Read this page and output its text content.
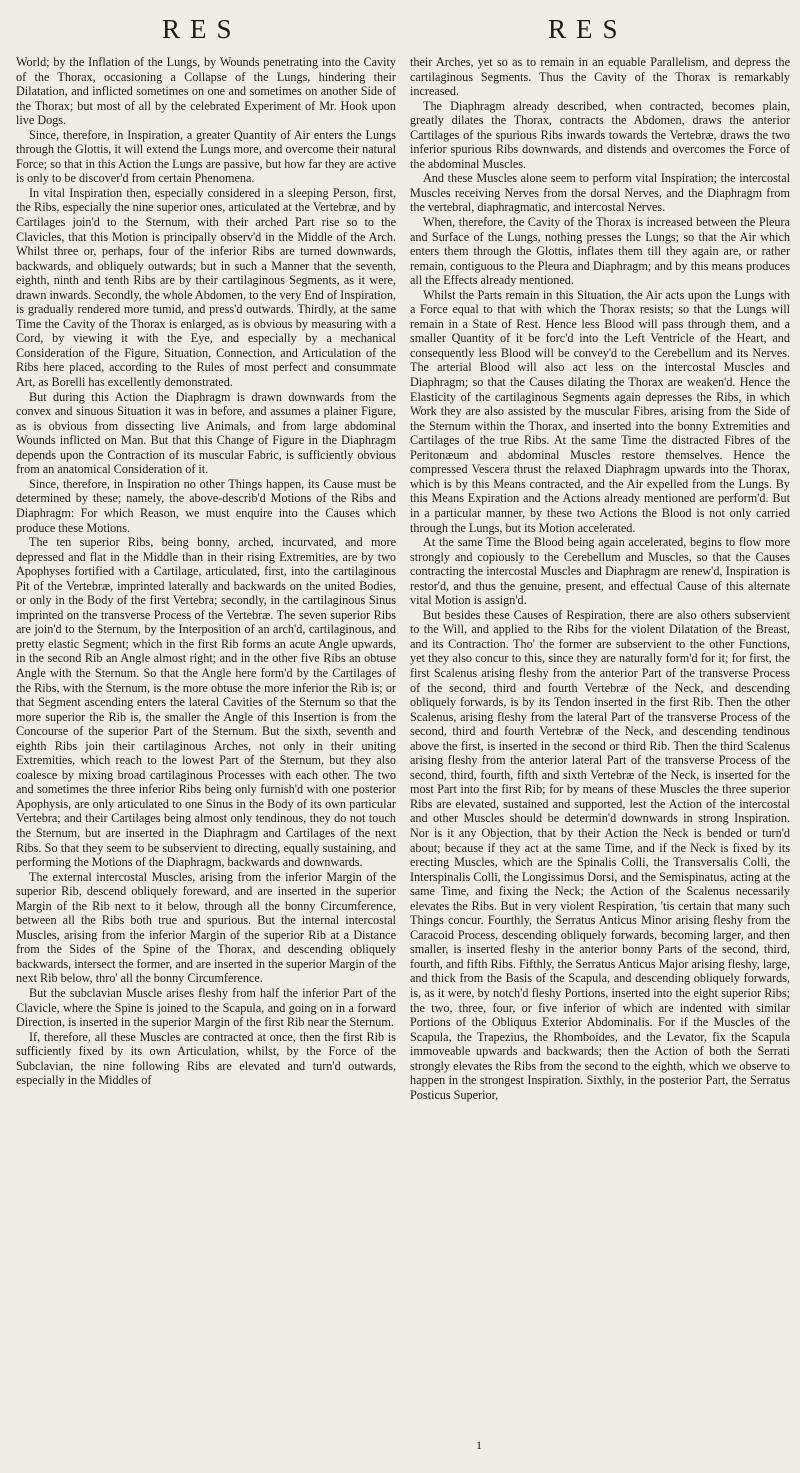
RES	RES

World; by the Inflation of the Lungs, by Wounds penetrating into the Cavity of the Thorax, occasioning a Collapse of the Lungs, hindering their Dilatation, and inflicted sometimes on one and sometimes on another Side of the Thorax; but most of all by the celebrated Experiment of Mr. Hook upon live Dogs.

Since, therefore, in Inspiration, a greater Quantity of Air enters the Lungs through the Glottis, it will extend the Lungs more, and overcome their natural Force; so that in this Action the Lungs are passive, but how far they are active is only to be discover'd from certain Phenomena.

In vital Inspiration then, especially considered in a sleeping Person, first, the Ribs, especially the nine superior ones, articulated at the Vertebræ, and by Cartilages join'd to the Sternum, with their arched Part rise so to the Clavicles, that this Motion is principally observ'd in the Middle of the Arch. Whilst three or, perhaps, four of the inferior Ribs are turned downwards, backwards, and obliquely outwards; but in such a Manner that the seventh, eighth, ninth and tenth Ribs are by their cartilaginous Segments, as it were, drawn inwards. Secondly, the whole Abdomen, to the very End of Inspiration, is gradually rendered more tumid, and press'd outwards. Thirdly, at the same Time the Cavity of the Thorax is enlarged, as is obvious by measuring with a Cord, by viewing it with the Eye, and especially by a mechanical Consideration of the Figure, Situation, Connection, and Articulation of the Ribs here placed, according to the Rules of most perfect and consummate Art, as Borelli has excellently demonstrated.

But during this Action the Diaphragm is drawn downwards from the convex and sinuous Situation it was in before, and assumes a plainer Figure, as is obvious from dissecting live Animals, and from large abdominal Wounds inflicted on Man. But that this Change of Figure in the Diaphragm depends upon the Contraction of its muscular Fabric, is sufficiently obvious from an anatomical Consideration of it.

Since, therefore, in Inspiration no other Things happen, its Cause must be determined by these; namely, the above-describ'd Motions of the Ribs and Diaphragm: For which Reason, we must enquire into the Causes which produce these Motions.

The ten superior Ribs, being bonny, arched, incurvated, and more depressed and flat in the Middle than in their rising Extremities, are by two Apophyses fortified with a Cartilage, articulated, first, into the cartilaginous Pit of the Vertebræ, imprinted laterally and backwards on the united Bodies, or only in the Body of the first Vertebra; secondly, in the cartilaginous Sinus imprinted on the transverse Process of the Vertebræ. The seven superior Ribs are join'd to the Sternum, by the Interposition of an arch'd, cartilaginous, and pretty elastic Segment; which in the first Rib forms an acute Angle upwards, in the second Rib an Angle almost right; and in the other five Ribs an obtuse Angle with the Sternum. So that the Angle here form'd by the Cartilages of the Ribs, with the Sternum, is the more obtuse the more inferior the Rib is; or that Segment ascending enters the lateral Cavities of the Sternum so that the more superior the Rib is, the smaller the Angle of this Insertion is from the Concourse of the superior Part of the Sternum. But the sixth, seventh and eighth Ribs join their cartilaginous Arches, not only in their uniting Extremities, which reach to the lowest Part of the Sternum, but they also coalesce by mixing broad cartilaginous Processes with each other. The two and sometimes the three inferior Ribs being only furnish'd with one posterior Apophysis, are only articulated to one Sinus in the Body of its own particular Vertebra; and their Cartilages being almost only tendinous, they do not touch the Sternum, but are inserted in the Diaphragm and Cartilages of the next Ribs. So that they seem to be subservient to directing, equally sustaining, and performing the Motions of the Diaphragm, backwards and downwards.

The external intercostal Muscles, arising from the inferior Margin of the superior Rib, descend obliquely foreward, and are inserted in the superior Margin of the Rib next to it below, through all the bonny Circumference, between all the Ribs both true and spurious. But the internal intercostal Muscles, arising from the inferior Margin of the superior Rib at a Distance from the Sides of the Spine of the Thorax, and descending obliquely backwards, intersect the former, and are inserted in the superior Margin of the next Rib below, thro' all the bonny Circumference.

But the subclavian Muscle arises fleshy from half the inferior Part of the Clavicle, where the Spine is joined to the Scapula, and going on in a forward Direction, is inserted in the superior Margin of the first Rib near the Sternum.

If, therefore, all these Muscles are contracted at once, then the first Rib is sufficiently fixed by its own Articulation, whilst, by the Force of the Subclavian, the nine following Ribs are elevated and turn'd outwards, especially in the Middles of

their Arches, yet so as to remain in an equable Parallelism, and depress the cartilaginous Segments. Thus the Cavity of the Thorax is remarkably increased.

The Diaphragm already described, when contracted, becomes plain, greatly dilates the Thorax, contracts the Abdomen, draws the anterior Cartilages of the spurious Ribs inwards towards the Vertebræ, draws the two inferior spurious Ribs downwards, and distends and overcomes the Force of the abdominal Muscles.

And these Muscles alone seem to perform vital Inspiration; the intercostal Muscles receiving Nerves from the dorsal Nerves, and the Diaphragm from the vertebral, diaphragmatic, and intercostal Nerves.

When, therefore, the Cavity of the Thorax is increased between the Pleura and Surface of the Lungs, nothing presses the Lungs; so that the Air which enters them through the Glottis, inflates them till they again are, or rather remain, contiguous to the Pleura and Diaphragm; and by this means produces all the Effects already mentioned.

Whilst the Parts remain in this Situation, the Air acts upon the Lungs with a Force equal to that with which the Thorax resists; so that the Lungs will remain in a State of Rest. Hence less Blood will pass through them, and a smaller Quantity of it be forc'd into the Left Ventricle of the Heart, and consequently less Blood will be convey'd to the Cerebellum and its Nerves. The arterial Blood will also act less on the intercostal Muscles and Diaphragm; so that the Causes dilating the Thorax are weaken'd. Hence the Elasticity of the cartilaginous Segments again depresses the Ribs, in which Work they are also assisted by the muscular Fibres, arising from the Side of the Sternum within the Thorax, and inserted into the bonny Extremities and Cartilages of the true Ribs. At the same Time the distracted Fibres of the Peritonæum and abdominal Muscles restore themselves. Hence the compressed Vescera thrust the relaxed Diaphragm upwards into the Thorax, which is by this Means contracted, and the Air expelled from the Lungs. By this Means Expiration and the Actions already mentioned are perform'd. But in a particular manner, by these two Actions the Blood is not only carried through the Lungs, but its Motion accelerated.

At the same Time the Blood being again accelerated, begins to flow more strongly and copiously to the Cerebellum and Muscles, so that the Causes contracting the intercostal Muscles and Diaphragm are renew'd, Inspiration is restor'd, and thus the genuine, present, and effectual Cause of this alternate vital Motion is assign'd.

But besides these Causes of Respiration, there are also others subservient to the Will, and applied to the Ribs for the violent Dilatation of the Breast, and its Contraction. Tho' the former are subservient to the other Functions, yet they also concur to this, since they are naturally form'd for it; for first, the first Scalenus arising fleshy from the anterior Part of the transverse Process of the second, third and fourth Vertebræ of the Neck, and descending obliquely forwards, is by its Tendon inserted in the first Rib. Then the other Scalenus, arising fleshy from the lateral Part of the transverse Process of the second, third and fourth Vertebræ of the Neck, and descending tendinous above the first, is inserted in the second or third Rib. Then the third Scalenus arising fleshy from the anterior lateral Part of the transverse Process of the second, third, fourth, fifth and sixth Vertebræ of the Neck, is inserted for the most Part into the first Rib; for by means of these Muscles the three superior Ribs are elevated, sustained and supported, lest the Action of the intercostal and other Muscles should be determin'd downwards in strong Inspiration. Nor is it any Objection, that by their Action the Neck is bended or turn'd about; because if they act at the same Time, and if the Neck is fixed by its erecting Muscles, which are the Spinalis Colli, the Transversalis Colli, the Interspinalis Colli, the Longissimus Dorsi, and the Semispinatus, acting at the same Time, and fixing the Neck; the Action of the Scalenus necessarily elevates the Ribs. But in very violent Respiration, 'tis certain that many such Things concur. Fourthly, the Serratus Anticus Minor arising fleshy from the Caracoid Process, descending obliquely forwards, becoming larger, and then smaller, is inserted fleshy in the anterior bonny Parts of the second, third, fourth, and fifth Ribs. Fifthly, the Serratus Anticus Major arising fleshy, large, and thick from the Basis of the Scapula, and descending obliquely forwards, is, as it were, by notch'd fleshy Portions, inserted into the eight superior Ribs; the two, three, four, or five inferior of which are indented with similar Portions of the Obliquus Exterior Abdominalis. For if the Muscles of the Scapula, the Trapezius, the Rhomboides, and the Levator, fix the Scapula immoveable upwards and backwards; then the Action of both the Serrati strongly elevates the Ribs from the second to the eighth, which we observe to happen in the strongest Inspiration. Sixthly, in the posterior Part, the Serratus Posticus Superior,

1
